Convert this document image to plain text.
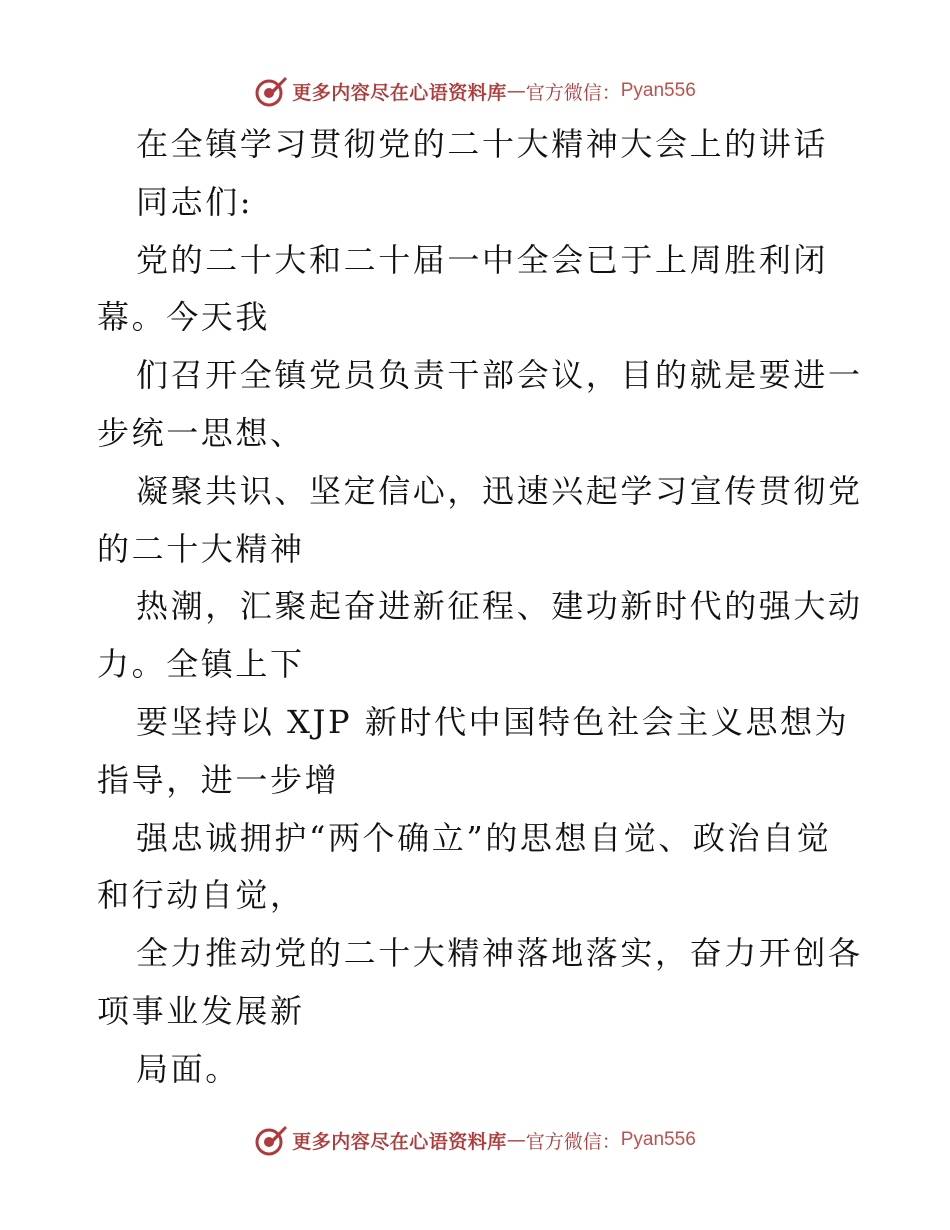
更多内容尽在心语资料库 — 官方微信： Pyan556

在全镇学习贯彻党的二十大精神大会上的讲话

同志们:

党的二十大和二十届一中全会已于上周胜利闭

幕。今天我

们召开全镇党员负责干部会议，目的就是要进一

步统一思想、

凝聚共识、坚定信心，迅速兴起学习宣传贯彻党

的二十大精神

热潮，汇聚起奋进新征程、建功新时代的强大动

力。全镇上下

要坚持以 XJP 新时代中国特色社会主义思想为

指导，进一步增

强忠诚拥护“两个确立”的思想自觉、政治自觉

和行动自觉，

全力推动党的二十大精神落地落实，奋力开创各

项事业发展新

局面。

更多内容尽在心语资料库 — 官方微信： Pyan556
